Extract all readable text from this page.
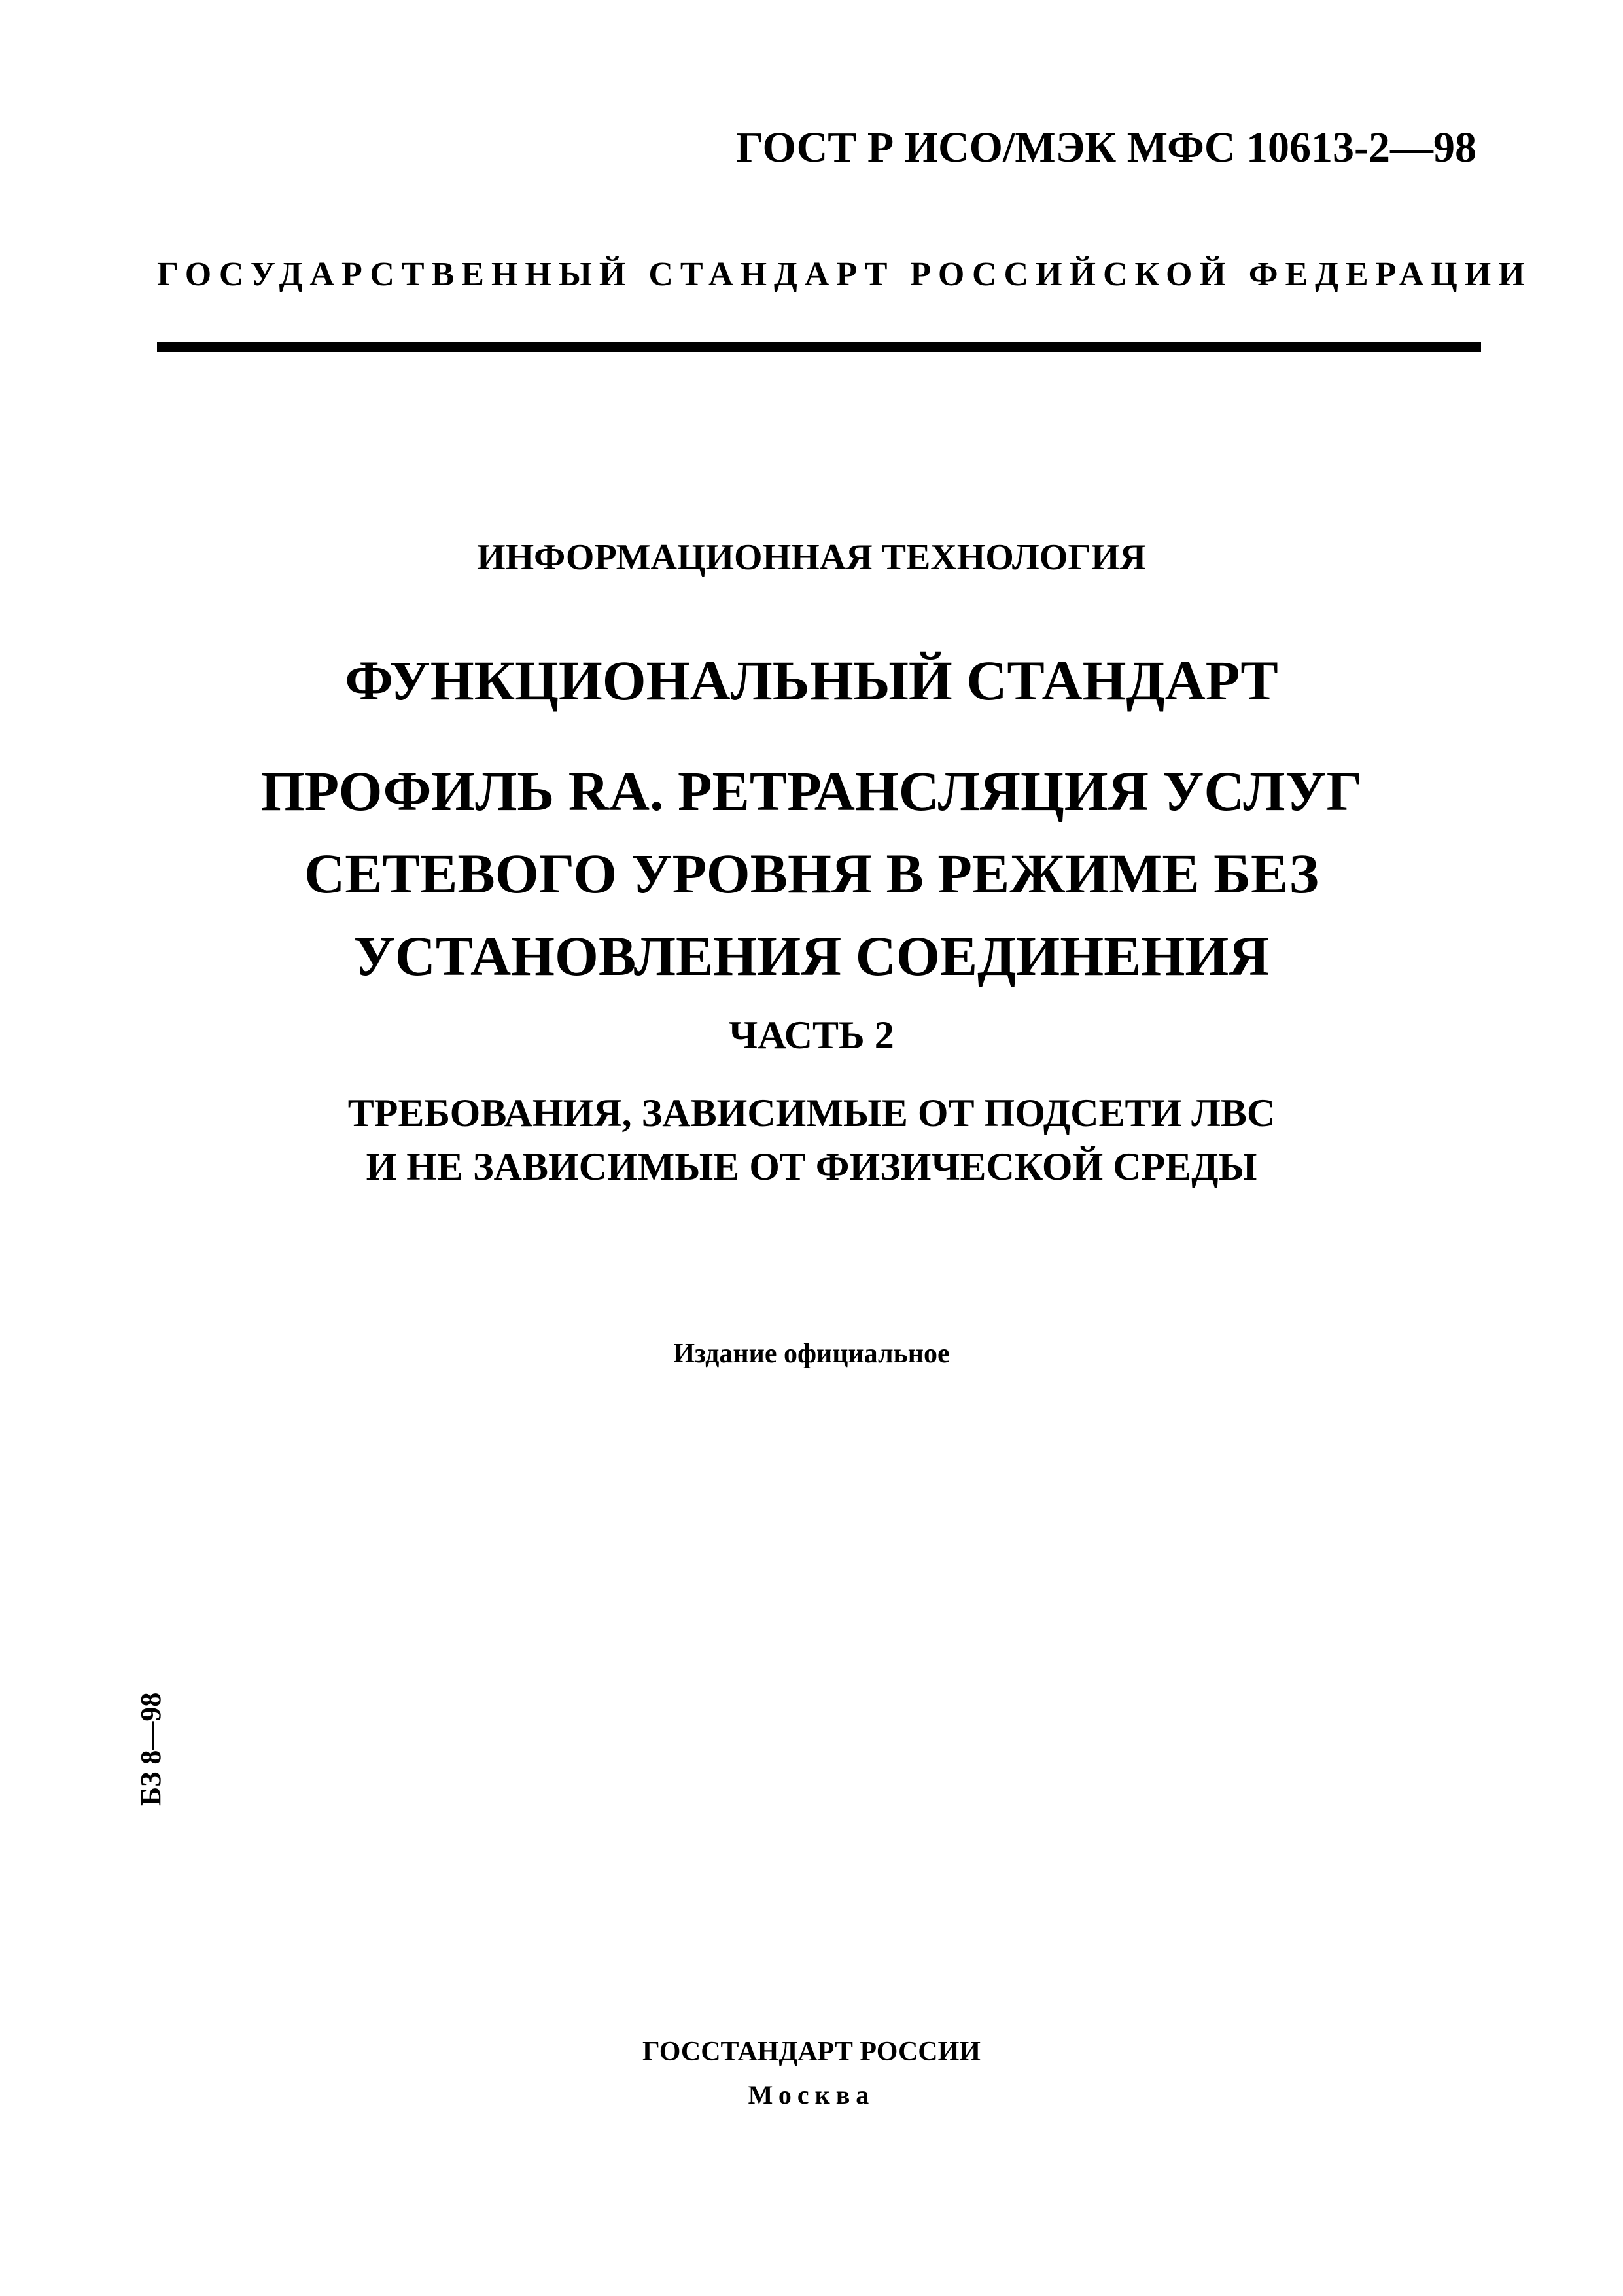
ГОСТ Р ИСО/МЭК МФС 10613-2—98
ГОСУДАРСТВЕННЫЙ СТАНДАРТ РОССИЙСКОЙ ФЕДЕРАЦИИ
ИНФОРМАЦИОННАЯ ТЕХНОЛОГИЯ
ФУНКЦИОНАЛЬНЫЙ СТАНДАРТ
ПРОФИЛЬ RA. РЕТРАНСЛЯЦИЯ УСЛУГ
СЕТЕВОГО УРОВНЯ В РЕЖИМЕ БЕЗ
УСТАНОВЛЕНИЯ СОЕДИНЕНИЯ
ЧАСТЬ 2
ТРЕБОВАНИЯ, ЗАВИСИМЫЕ ОТ ПОДСЕТИ ЛВС
И НЕ ЗАВИСИМЫЕ ОТ ФИЗИЧЕСКОЙ СРЕДЫ
Издание официальное
БЗ 8—98
ГОССТАНДАРТ РОССИИ
Москва
